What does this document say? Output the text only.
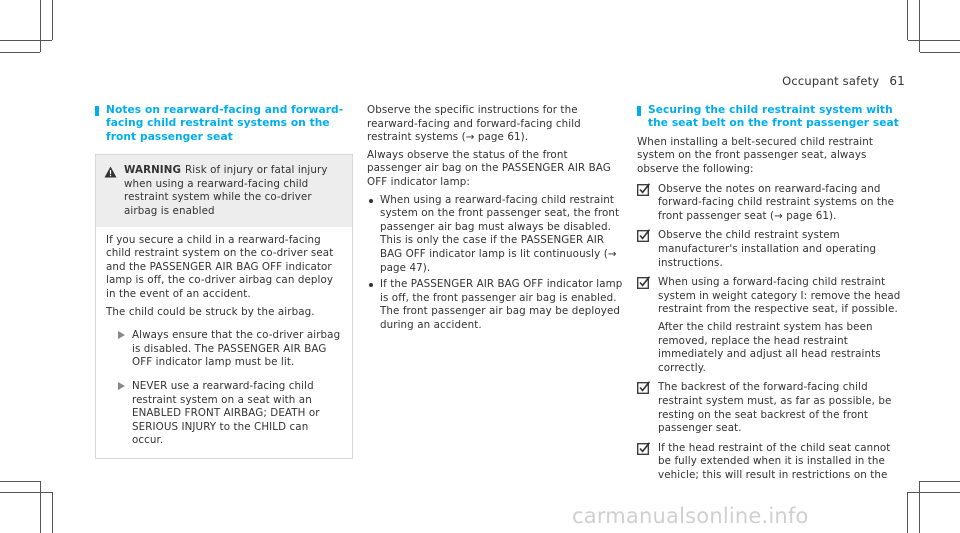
Occupant safety 61
Notes on rearward-facing and forward-facing child restraint systems on the front passenger seat
WARNING Risk of injury or fatal injury when using a rearward-facing child restraint system while the co-driver airbag is enabled

If you secure a child in a rearward-facing child restraint system on the co-driver seat and the PASSENGER AIR BAG OFF indicator lamp is off, the co-driver airbag can deploy in the event of an accident.

The child could be struck by the airbag.

Always ensure that the co-driver airbag is disabled. The PASSENGER AIR BAG OFF indicator lamp must be lit.
NEVER use a rearward-facing child restraint system on a seat with an ENABLED FRONT AIRBAG; DEATH or SERIOUS INJURY to the CHILD can occur.

Observe the specific instructions for the rearward-facing and forward-facing child restraint systems (→ page 61).

Always observe the status of the front passenger air bag on the PASSENGER AIR BAG OFF indicator lamp:

When using a rearward-facing child restraint system on the front passenger seat, the front passenger air bag must always be disabled. This is only the case if the PASSENGER AIR BAG OFF indicator lamp is lit continuously (→ page 47).
If the PASSENGER AIR BAG OFF indicator lamp is off, the front passenger air bag is enabled. The front passenger air bag may be deployed during an accident.
Securing the child restraint system with the seat belt on the front passenger seat

When installing a belt-secured child restraint system on the front passenger seat, always observe the following:

Observe the notes on rearward-facing and forward-facing child restraint systems on the front passenger seat (→ page 61).
Observe the child restraint system manufacturer's installation and operating instructions.
When using a forward-facing child restraint system in weight category I: remove the head restraint from the respective seat, if possible.

After the child restraint system has been removed, replace the head restraint immediately and adjust all head restraints correctly.

The backrest of the forward-facing child restraint system must, as far as possible, be resting on the seat backrest of the front passenger seat.
If the head restraint of the child seat cannot be fully extended when it is installed in the vehicle; this will result in restrictions on the
carmanualsonline.info
